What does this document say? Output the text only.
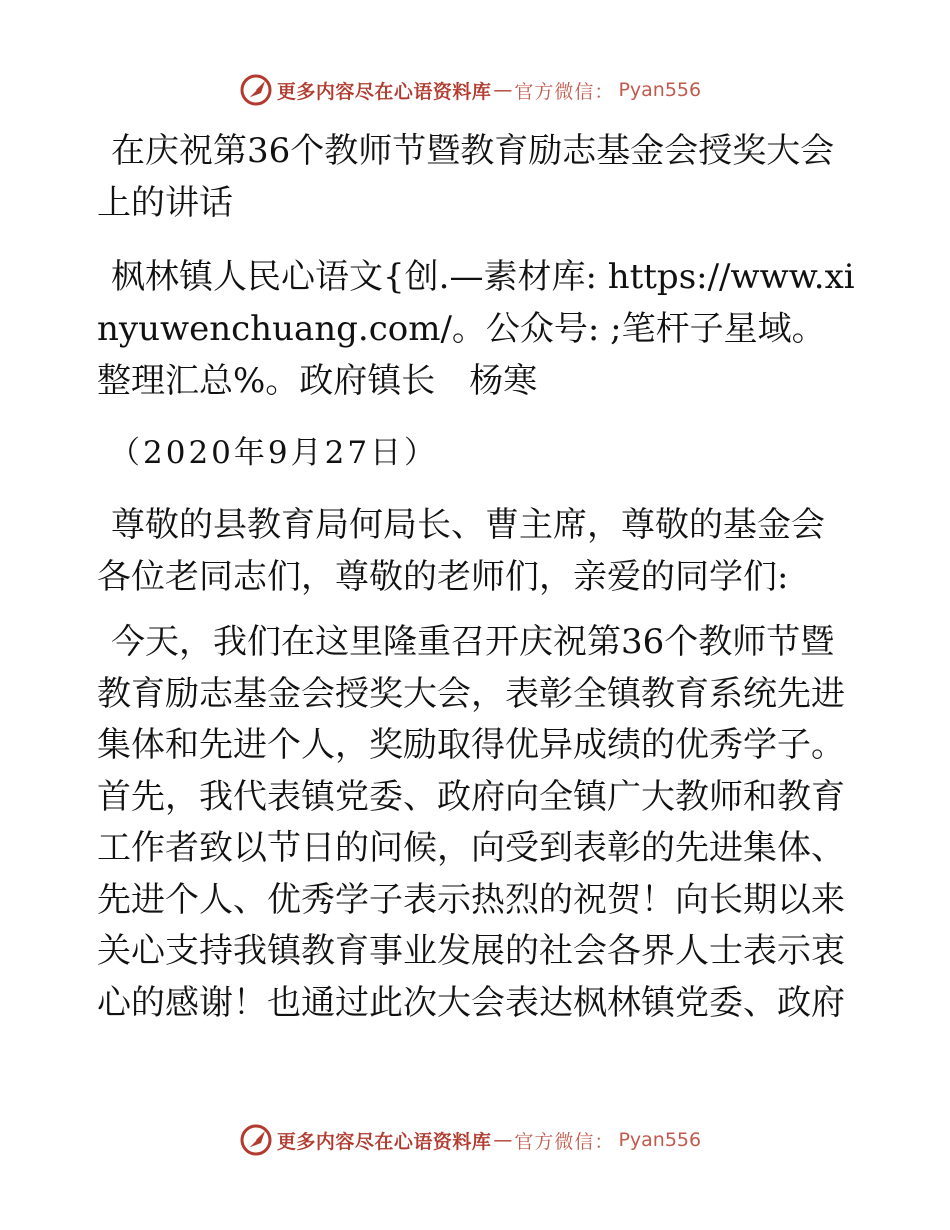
更多内容尽在心语资料库 — 官方微信： Pyan556

在庆祝第36个教师节暨教育励志基金会授奖大会上的讲话

枫林镇人民心语文{创.—素材库: https://www.xinyuwenchuang.com/。公众号: ;笔杆子星域。整理汇总%。政府镇长　杨寒

（2020年9月27日）

尊敬的县教育局何局长、曹主席，尊敬的基金会各位老同志们，尊敬的老师们，亲爱的同学们:

今天，我们在这里隆重召开庆祝第36个教师节暨教育励志基金会授奖大会，表彰全镇教育系统先进集体和先进个人，奖励取得优异成绩的优秀学子。首先，我代表镇党委、政府向全镇广大教师和教育工作者致以节日的问候，向受到表彰的先进集体、先进个人、优秀学子表示热烈的祝贺！向长期以来关心支持我镇教育事业发展的社会各界人士表示衷心的感谢！也通过此次大会表达枫林镇党委、政府

更多内容尽在心语资料库 — 官方微信： Pyan556
